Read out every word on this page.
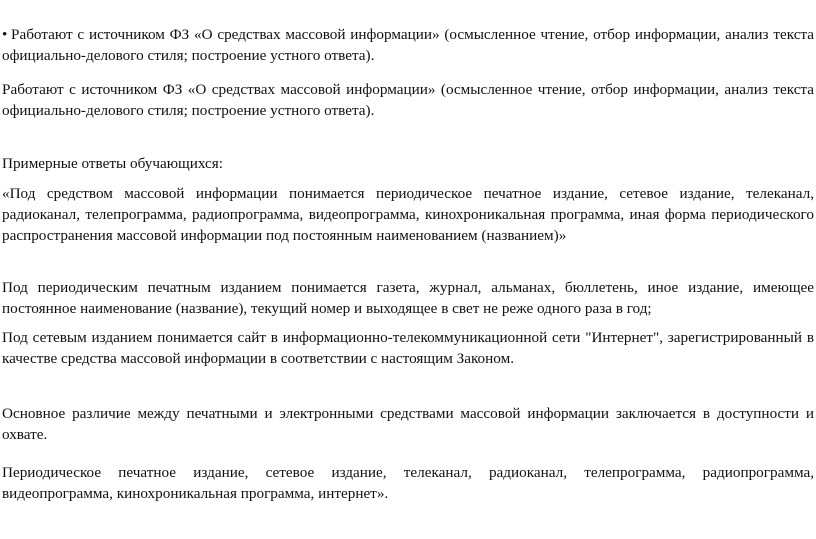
• Работают с источником ФЗ «О средствах массовой информации» (осмысленное чтение, отбор информации, анализ текста официально-делового стиля; построение устного ответа).

Работают с источником ФЗ «О средствах массовой информации» (осмысленное чтение, отбор информации, анализ текста официально-делового стиля; построение устного ответа).

Примерные ответы обучающихся:

«Под средством массовой информации понимается периодическое печатное издание, сетевое издание, телеканал, радиоканал, телепрограмма, радиопрограмма, видеопрограмма, кинохроникальная программа, иная форма периодического распространения массовой информации под постоянным наименованием (названием)»

Под периодическим печатным изданием понимается газета, журнал, альманах, бюллетень, иное издание, имеющее постоянное наименование (название), текущий номер и выходящее в свет не реже одного раза в год;

Под сетевым изданием понимается сайт в информационно-телекоммуникационной сети "Интернет", зарегистрированный в качестве средства массовой информации в соответствии с настоящим Законом.

Основное различие между печатными и электронными средствами массовой информации заключается в доступности и охвате.

Периодическое печатное издание, сетевое издание, телеканал, радиоканал, телепрограмма, радиопрограмма, видеопрограмма, кинохроникальная программа, интернет».
